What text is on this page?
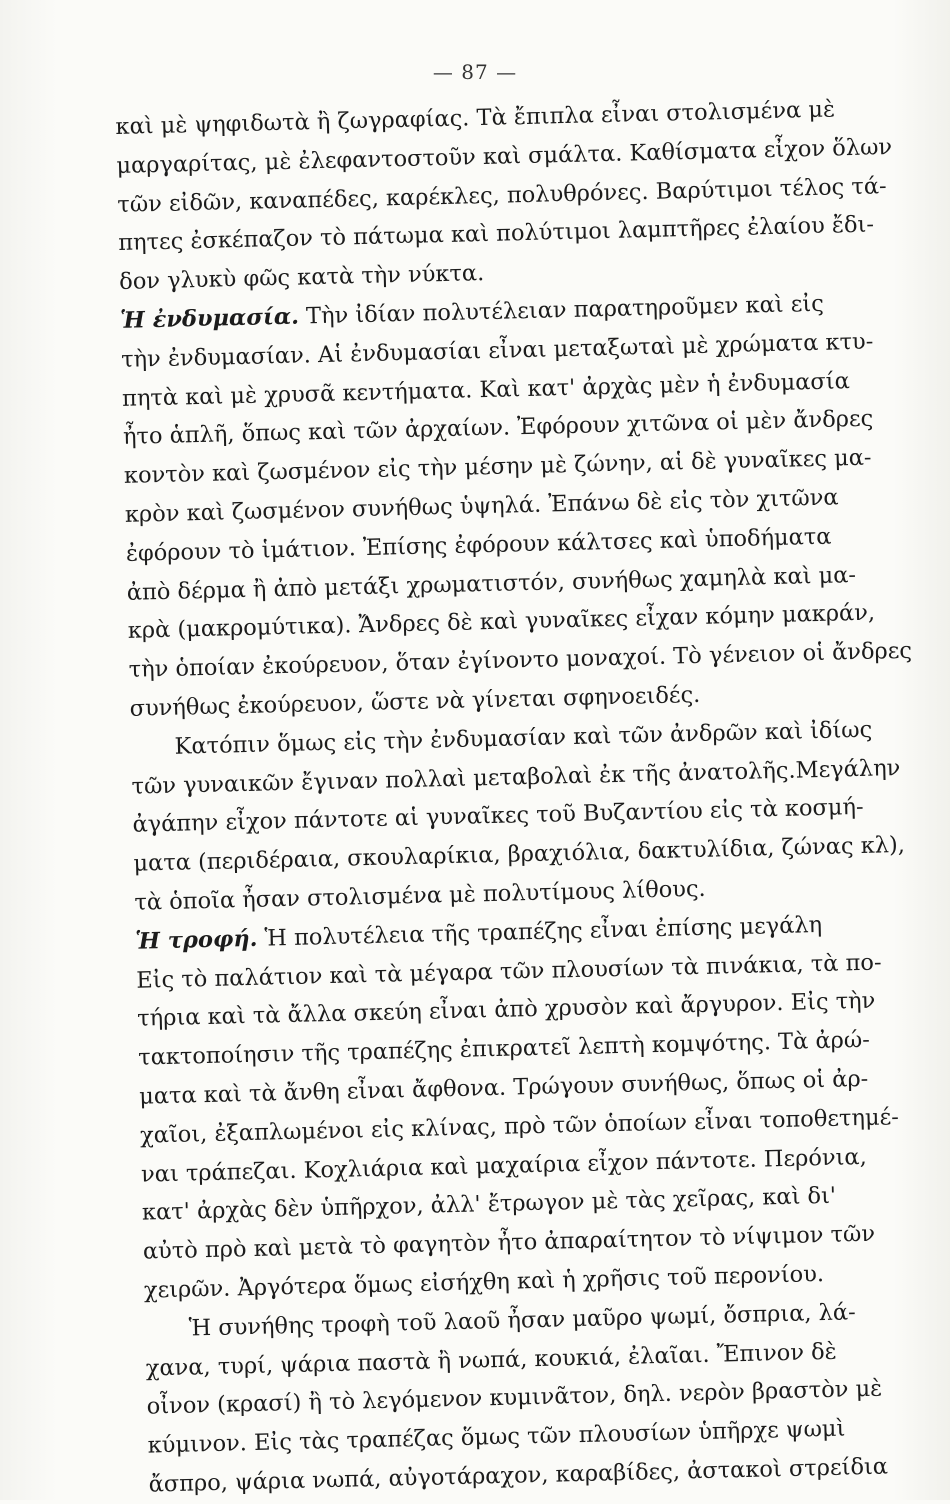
— 87 —
καὶ μὲ ψηφιδωτὰ ἢ ζωγραφίας. Τὰ ἔπιπλα εἶναι στολισμένα μὲ
μαργαρίτας, μὲ ἐλεφαντοστοῦν καὶ σμάλτα. Καθίσματα εἶχον ὅλων
τῶν εἰδῶν, καναπέδες, καρέκλες, πολυθρόνες. Βαρύτιμοι τέλος τά-
πητες ἐσκέπαζον τὸ πάτωμα καὶ πολύτιμοι λαμπτῆρες ἐλαίου ἔδι-
δον γλυκὺ φῶς κατὰ τὴν νύκτα.
Ἡ ἐνδυμασία. Τὴν ἰδίαν πολυτέλειαν παρατηροῦμεν καὶ εἰς
τὴν ἐνδυμασίαν. Αἱ ἐνδυμασίαι εἶναι μεταξωταὶ μὲ χρώματα κτυ-
πητὰ καὶ μὲ χρυσᾶ κεντήματα. Καὶ κατ' ἀρχὰς μὲν ἡ ἐνδυμασία
ἦτο ἁπλῆ, ὅπως καὶ τῶν ἀρχαίων. Ἐφόρουν χιτῶνα οἱ μὲν ἄνδρες
κοντὸν καὶ ζωσμένον εἰς τὴν μέσην μὲ ζώνην, αἱ δὲ γυναῖκες μα-
κρὸν καὶ ζωσμένον συνήθως ὑψηλά. Ἐπάνω δὲ εἰς τὸν χιτῶνα
ἐφόρουν τὸ ἱμάτιον. Ἐπίσης ἐφόρουν κάλτσες καὶ ὑποδήματα
ἀπὸ δέρμα ἢ ἀπὸ μετάξι χρωματιστόν, συνήθως χαμηλὰ καὶ μα-
κρὰ (μακρομύτικα). Ἄνδρες δὲ καὶ γυναῖκες εἶχαν κόμην μακράν,
τὴν ὁποίαν ἐκούρευον, ὅταν ἐγίνοντο μοναχοί. Τὸ γένειον οἱ ἄνδρες
συνήθως ἐκούρευον, ὥστε νὰ γίνεται σφηνοειδές.
Κατόπιν ὅμως εἰς τὴν ἐνδυμασίαν καὶ τῶν ἀνδρῶν καὶ ἰδίως
τῶν γυναικῶν ἔγιναν πολλαὶ μεταβολαὶ ἐκ τῆς ἀνατολῆς.Μεγάλην
ἀγάπην εἶχον πάντοτε αἱ γυναῖκες τοῦ Βυζαντίου εἰς τὰ κοσμή-
ματα (περιδέραια, σκουλαρίκια, βραχιόλια, δακτυλίδια, ζώνας κλ),
τὰ ὁποῖα ἦσαν στολισμένα μὲ πολυτίμους λίθους.
Ἡ τροφή. Ἡ πολυτέλεια τῆς τραπέζης εἶναι ἐπίσης μεγάλη
Εἰς τὸ παλάτιον καὶ τὰ μέγαρα τῶν πλουσίων τὰ πινάκια, τὰ πο-
τήρια καὶ τὰ ἄλλα σκεύη εἶναι ἀπὸ χρυσὸν καὶ ἄργυρον. Εἰς τὴν
τακτοποίησιν τῆς τραπέζης ἐπικρατεῖ λεπτὴ κομψότης. Τὰ ἀρώ-
ματα καὶ τὰ ἄνθη εἶναι ἄφθονα. Τρώγουν συνήθως, ὅπως οἱ ἀρ-
χαῖοι, ἐξαπλωμένοι εἰς κλίνας, πρὸ τῶν ὁποίων εἶναι τοποθετημέ-
ναι τράπεζαι. Κοχλιάρια καὶ μαχαίρια εἶχον πάντοτε. Περόνια,
κατ' ἀρχὰς δὲν ὑπῆρχον, ἀλλ' ἔτρωγον μὲ τὰς χεῖρας, καὶ δι'
αὐτὸ πρὸ καὶ μετὰ τὸ φαγητὸν ἦτο ἀπαραίτητον τὸ νίψιμον τῶν
χειρῶν. Ἀργότερα ὅμως εἰσήχθη καὶ ἡ χρῆσις τοῦ περονίου.
Ἡ συνήθης τροφὴ τοῦ λαοῦ ἦσαν μαῦρο ψωμί, ὄσπρια, λά-
χανα, τυρί, ψάρια παστὰ ἢ νωπά, κουκιά, ἐλαῖαι. Ἔπινον δὲ
οἶνον (κρασί) ἢ τὸ λεγόμενον κυμινᾶτον, δηλ. νερὸν βραστὸν μὲ
κύμινον. Εἰς τὰς τραπέζας ὅμως τῶν πλουσίων ὑπῆρχε ψωμὶ
ἄσπρο, ψάρια νωπά, αὐγοτάραχον, καραβίδες, ἀστακοὶ στρείδια
